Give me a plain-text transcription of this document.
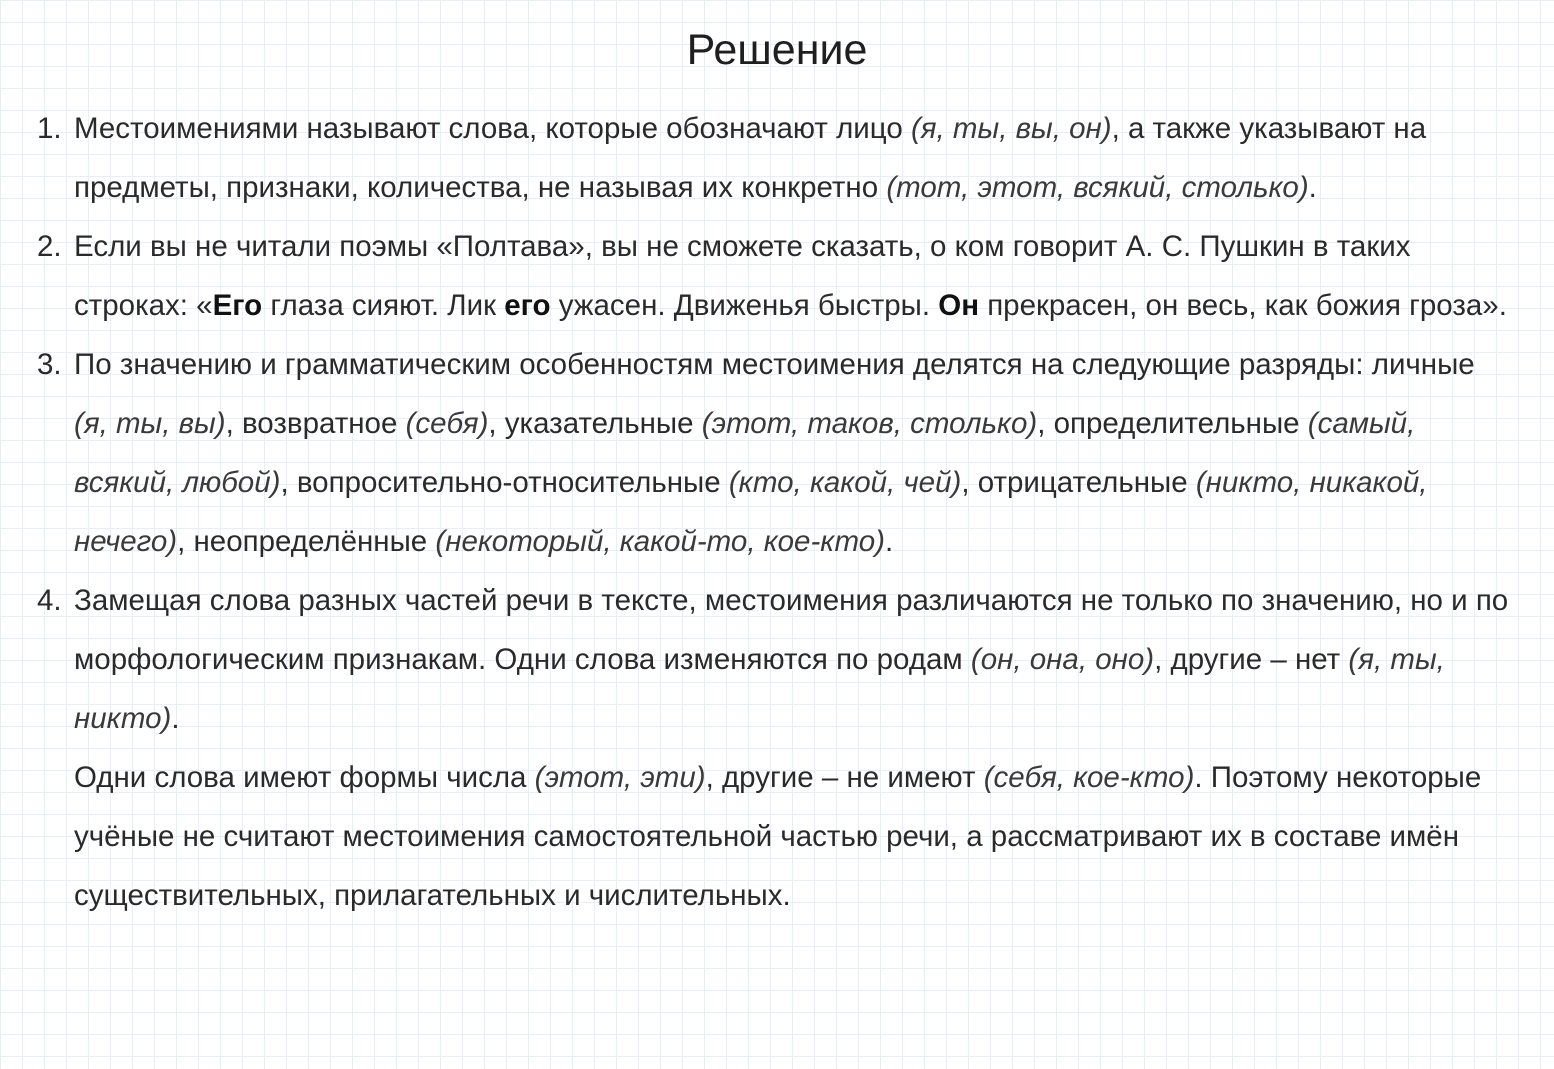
Решение
1. Местоимениями называют слова, которые обозначают лицо (я, ты, вы, он), а также указывают на предметы, признаки, количества, не называя их конкретно (тот, этот, всякий, столько).
2. Если вы не читали поэмы «Полтава», вы не сможете сказать, о ком говорит А. С. Пушкин в таких строках: «Его глаза сияют. Лик его ужасен. Движенья быстры. Он прекрасен, он весь, как божия гроза».
3. По значению и грамматическим особенностям местоимения делятся на следующие разряды: личные (я, ты, вы), возвратное (себя), указательные (этот, таков, столько), определительные (самый, всякий, любой), вопросительно-относительные (кто, какой, чей), отрицательные (никто, никакой, нечего), неопределённые (некоторый, какой-то, кое-кто).
4. Замещая слова разных частей речи в тексте, местоимения различаются не только по значению, но и по морфологическим признакам. Одни слова изменяются по родам (он, она, оно), другие – нет (я, ты, никто).
Одни слова имеют формы числа (этот, эти), другие – не имеют (себя, кое-кто). Поэтому некоторые учёные не считают местоимения самостоятельной частью речи, а рассматривают их в составе имён существительных, прилагательных и числительных.
